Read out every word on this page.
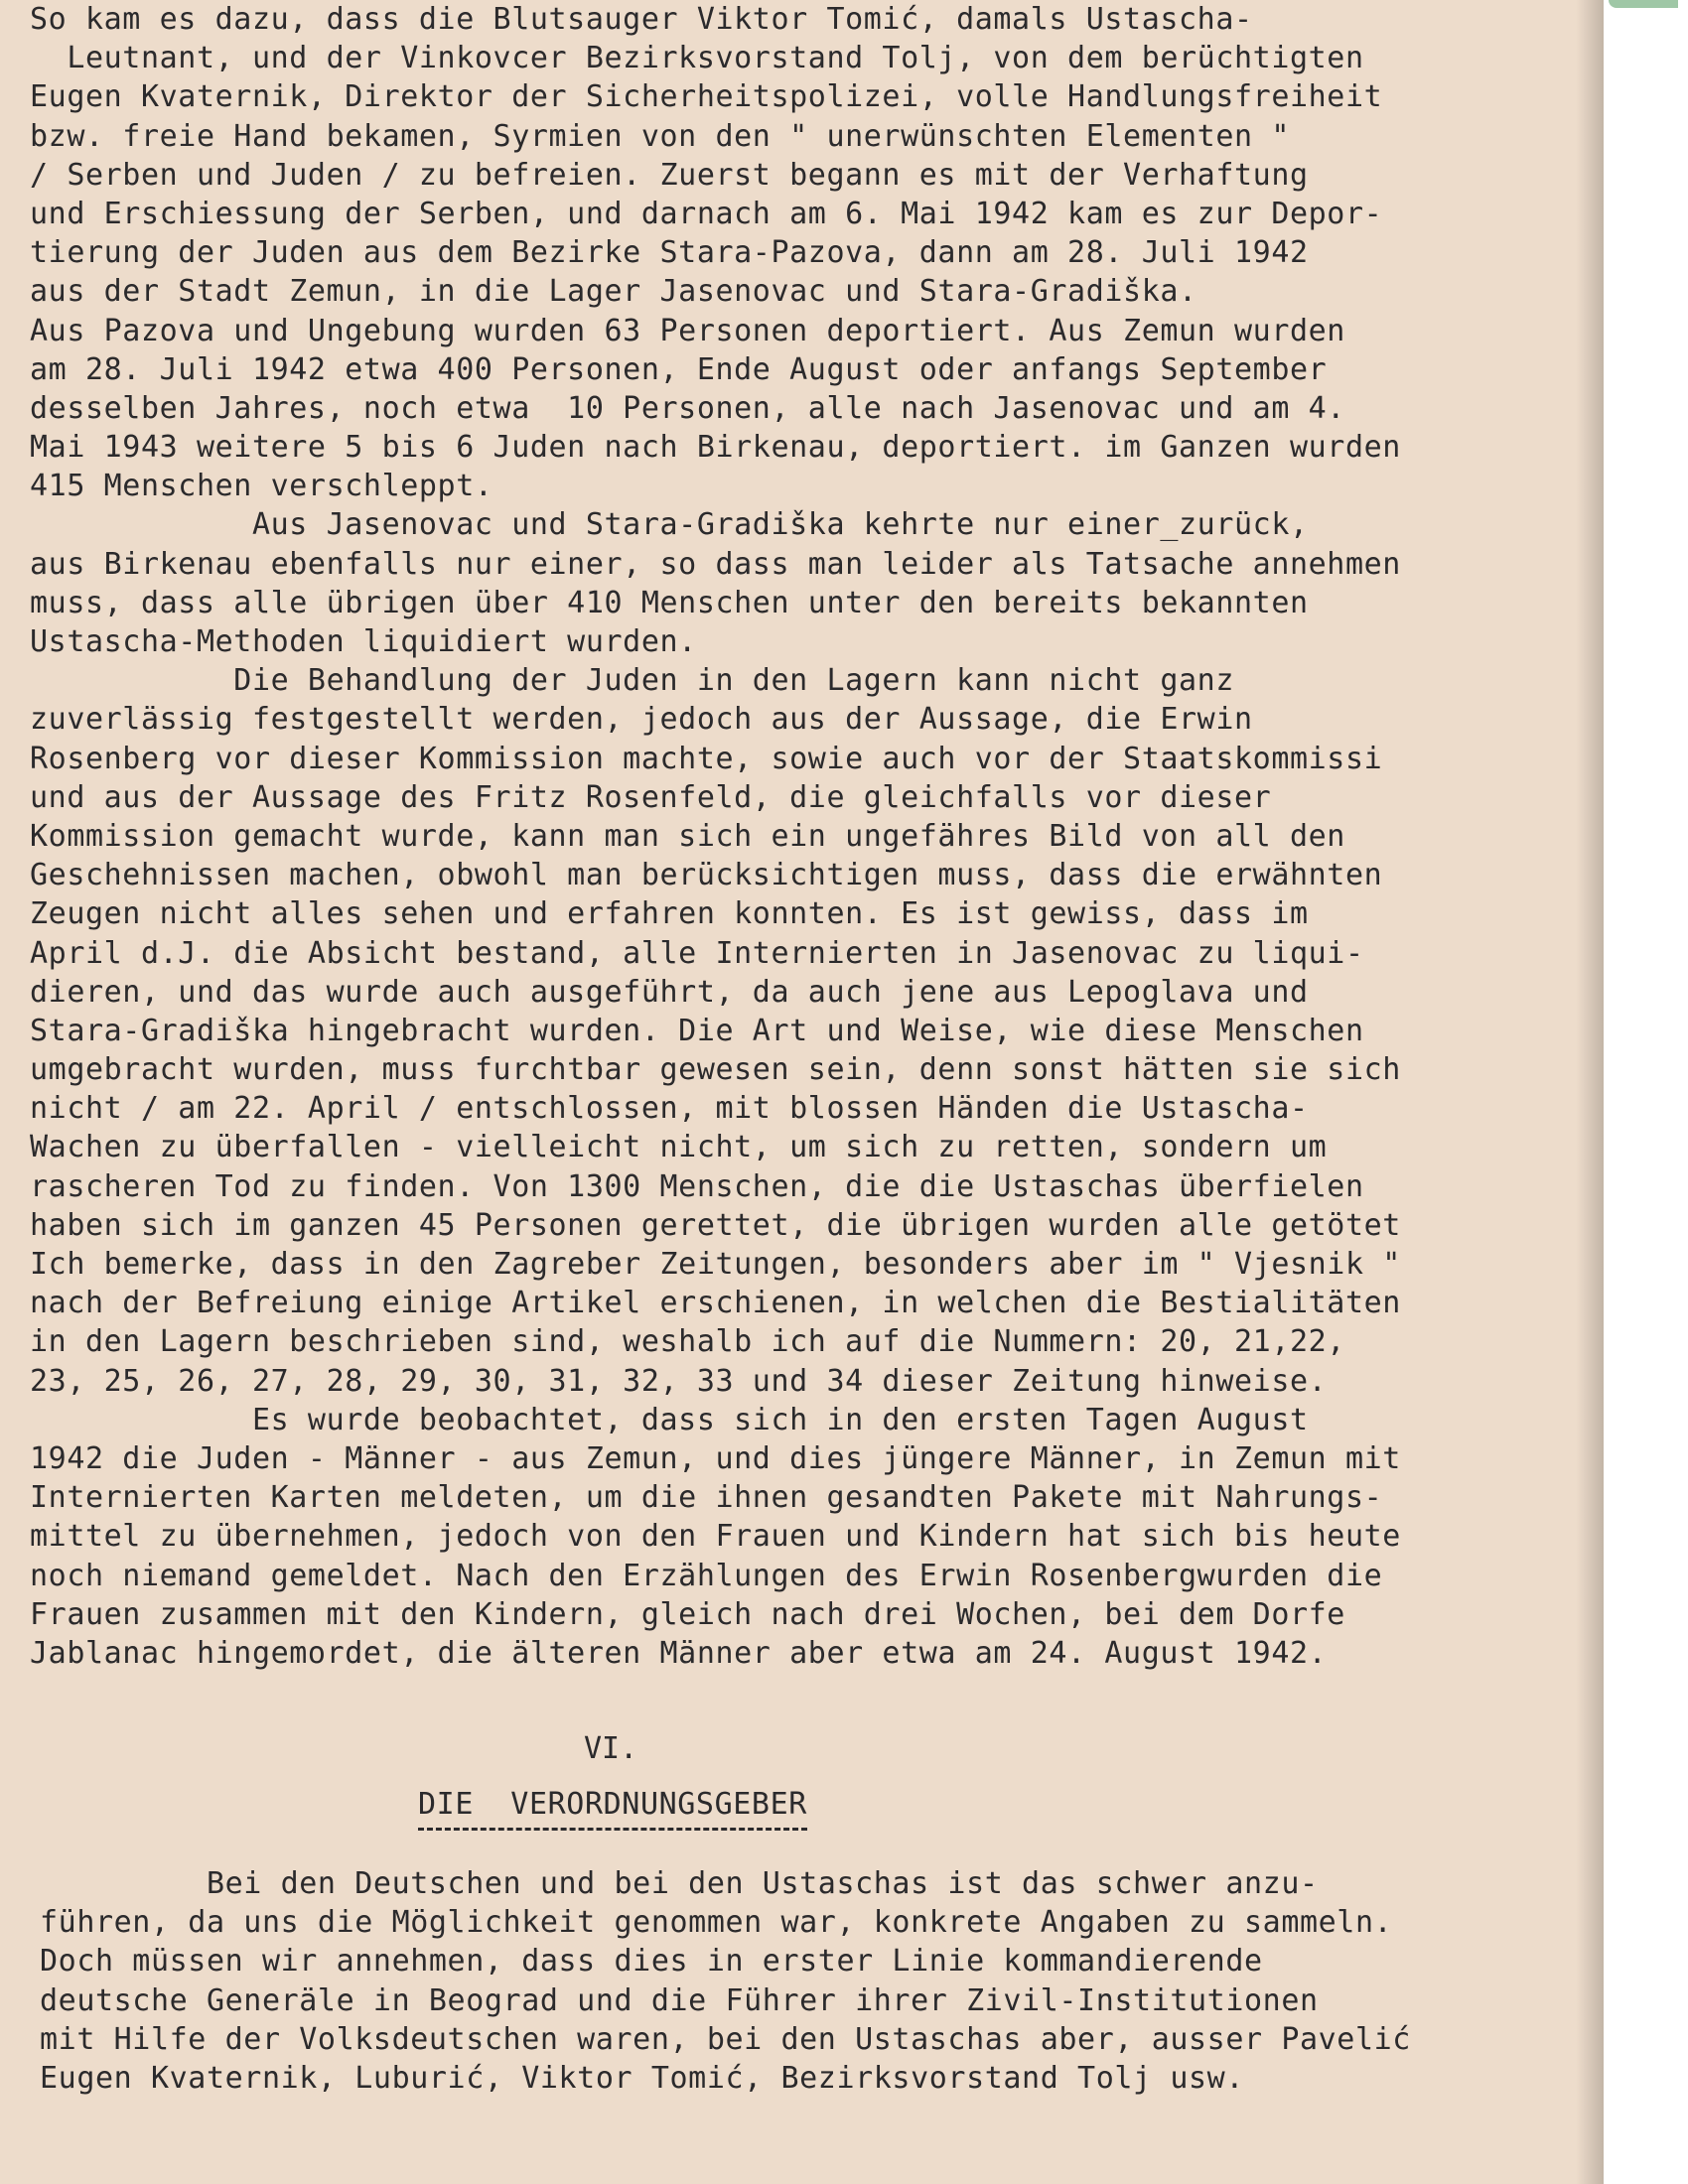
So kam es dazu, dass die Blutsauger Viktor Tomić, damals Ustascha-
Leutnant, und der Vinkovcer Bezirksvorstand Tolj, von dem berüchtigten
Eugen Kvaternik, Direktor der Sicherheitspolizei, volle Handlungsfreiheit
bzw. freie Hand bekamen, Syrmien von den " unerwünschten Elementen "
/ Serben und Juden / zu befreien. Zuerst begann es mit der Verhaftung
und Erschiessung der Serben, und darnach am 6. Mai 1942 kam es zur Depor-
tierung der Juden aus dem Bezirke Stara-Pazova, dann am 28. Juli 1942
aus der Stadt Zemun, in die Lager Jasenovac und Stara-Gradiška.
Aus Pazova und Ungebung wurden 63 Personen deportiert. Aus Zemun wurden
am 28. Juli 1942 etwa 400 Personen, Ende August oder anfangs September
desselben Jahres, noch etwa  10 Personen, alle nach Jasenovac und am 4.
Mai 1943 weitere 5 bis 6 Juden nach Birkenau, deportiert. im Ganzen wurden
415 Menschen verschleppt.
Aus Jasenovac und Stara-Gradiška kehrte nur einer_zurück,
aus Birkenau ebenfalls nur einer, so dass man leider als Tatsache annehmen
muss, dass alle übrigen über 410 Menschen unter den bereits bekannten
Ustascha-Methoden liquidiert wurden.
Die Behandlung der Juden in den Lagern kann nicht ganz
zuverlässig festgestellt werden, jedoch aus der Aussage, die Erwin
Rosenberg vor dieser Kommission machte, sowie auch vor der Staatskommissi
und aus der Aussage des Fritz Rosenfeld, die gleichfalls vor dieser
Kommission gemacht wurde, kann man sich ein ungefähres Bild von all den
Geschehnissen machen, obwohl man berücksichtigen muss, dass die erwähnten
Zeugen nicht alles sehen und erfahren konnten. Es ist gewiss, dass im
April d.J. die Absicht bestand, alle Internierten in Jasenovac zu liqui-
dieren, und das wurde auch ausgeführt, da auch jene aus Lepoglava und
Stara-Gradiška hingebracht wurden. Die Art und Weise, wie diese Menschen
umgebracht wurden, muss furchtbar gewesen sein, denn sonst hätten sie sich
nicht / am 22. April / entschlossen, mit blossen Händen die Ustascha-
Wachen zu überfallen - vielleicht nicht, um sich zu retten, sondern um
rascheren Tod zu finden. Von 1300 Menschen, die die Ustaschas überfielen
haben sich im ganzen 45 Personen gerettet, die übrigen wurden alle getötet
Ich bemerke, dass in den Zagreber Zeitungen, besonders aber im " Vjesnik "
nach der Befreiung einige Artikel erschienen, in welchen die Bestialitäten
in den Lagern beschrieben sind, weshalb ich auf die Nummern: 20, 21,22,
23, 25, 26, 27, 28, 29, 30, 31, 32, 33 und 34 dieser Zeitung hinweise.
Es wurde beobachtet, dass sich in den ersten Tagen August
1942 die Juden - Männer - aus Zemun, und dies jüngere Männer, in Zemun mit
Internierten Karten meldeten, um die ihnen gesandten Pakete mit Nahrungs-
mittel zu übernehmen, jedoch von den Frauen und Kindern hat sich bis heute
noch niemand gemeldet. Nach den Erzählungen des Erwin Rosenbergwurden die
Frauen zusammen mit den Kindern, gleich nach drei Wochen, bei dem Dorfe
Jablanac hingemordet, die älteren Männer aber etwa am 24. August 1942.
VI.
DIE  VERORDNUNGSGEBER
Bei den Deutschen und bei den Ustaschas ist das schwer anzu-
führen, da uns die Möglichkeit genommen war, konkrete Angaben zu sammeln.
Doch müssen wir annehmen, dass dies in erster Linie kommandierende
deutsche Generäle in Beograd und die Führer ihrer Zivil-Institutionen
mit Hilfe der Volksdeutschen waren, bei den Ustaschas aber, ausser Pavelić
Eugen Kvaternik, Luburić, Viktor Tomić, Bezirksvorstand Tolj usw.
